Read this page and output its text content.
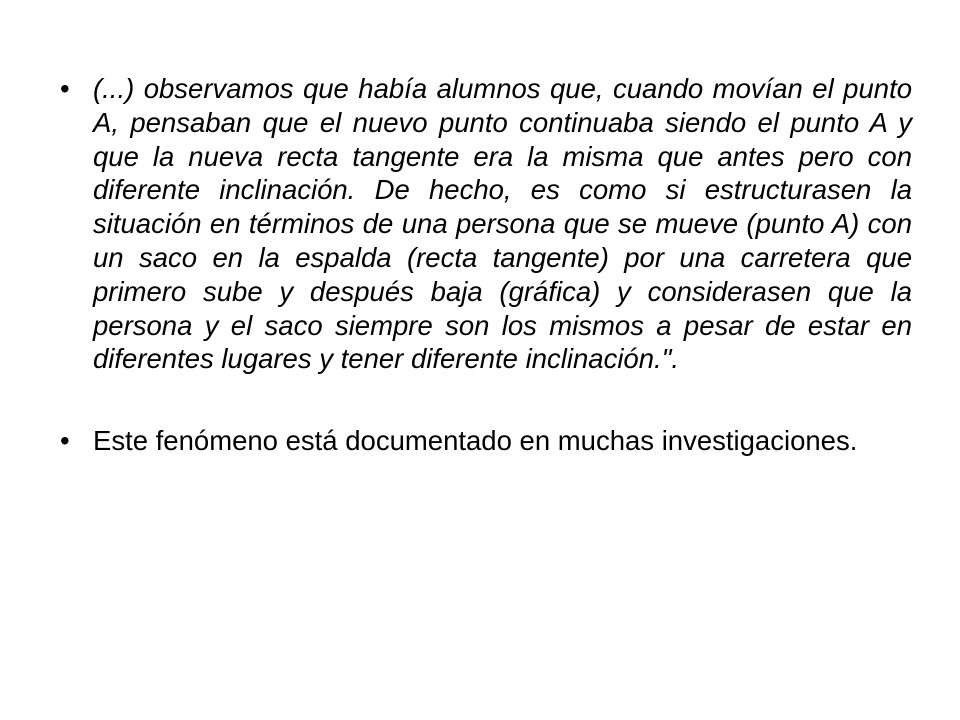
• (...) observamos que había alumnos que, cuando movían el punto A, pensaban que el nuevo punto continuaba siendo el punto A y que la nueva recta tangente era la misma que antes pero con diferente inclinación. De hecho, es como si estructurasen la situación en términos de una persona que se mueve (punto A) con un saco en la espalda (recta tangente) por una carretera que primero sube y después baja (gráfica) y considerasen que la persona y el saco siempre son los mismos a pesar de estar en diferentes lugares y tener diferente inclinación.".
• Este fenómeno está documentado en muchas investigaciones.
